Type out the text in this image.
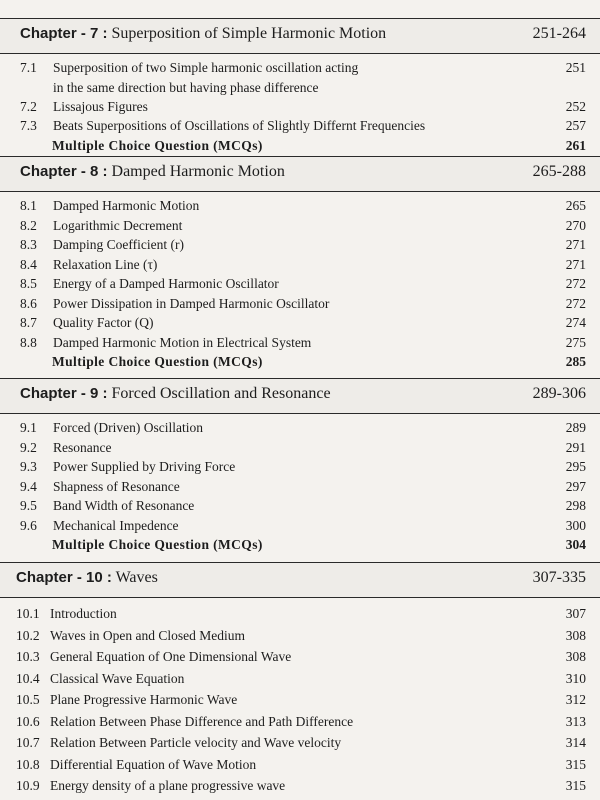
Chapter - 7 : Superposition of Simple Harmonic Motion	251-264
7.1 Superposition of two Simple harmonic oscillation acting	251
in the same direction but having phase difference
7.2 Lissajous Figures	252
7.3 Beats Superpositions of Oscillations of Slightly Differnt Frequencies	257
Multiple Choice Question (MCQs)	261
Chapter - 8 : Damped Harmonic Motion	265-288
8.1 Damped Harmonic Motion	265
8.2 Logarithmic Decrement	270
8.3 Damping Coefficient (r)	271
8.4 Relaxation Line (τ)	271
8.5 Energy of a Damped Harmonic Oscillator	272
8.6 Power Dissipation in Damped Harmonic Oscillator	272
8.7 Quality Factor (Q)	274
8.8 Damped Harmonic Motion in Electrical System	275
Multiple Choice Question (MCQs)	285
Chapter - 9 : Forced Oscillation and Resonance	289-306
9.1 Forced (Driven) Oscillation	289
9.2 Resonance	291
9.3 Power Supplied by Driving Force	295
9.4 Shapness of Resonance	297
9.5 Band Width of Resonance	298
9.6 Mechanical Impedence	300
Multiple Choice Question (MCQs)	304
Chapter - 10 : Waves	307-335
10.1 Introduction	307
10.2 Waves in Open and Closed Medium	308
10.3 General Equation of One Dimensional Wave	308
10.4 Classical Wave Equation	310
10.5 Plane Progressive Harmonic Wave	312
10.6 Relation Between Phase Difference and Path Difference	313
10.7 Relation Between Particle velocity and Wave velocity	314
10.8 Differential Equation of Wave Motion	315
10.9 Energy density of a plane progressive wave	315
